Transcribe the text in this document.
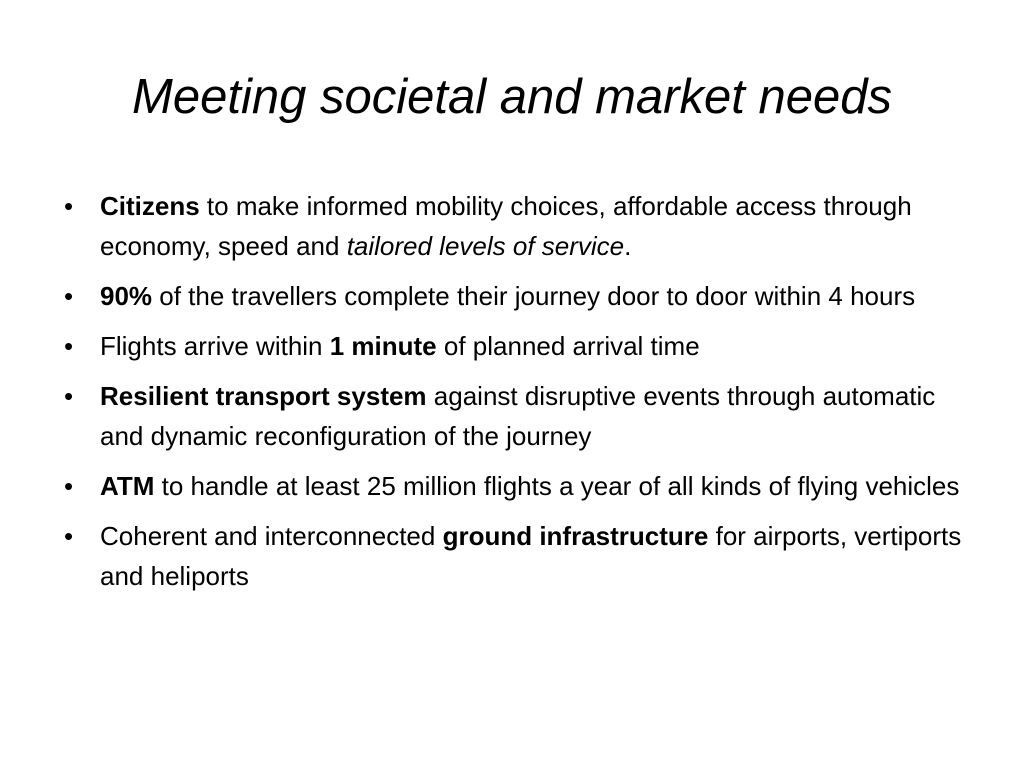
Meeting societal and market needs
•	Citizens to make informed mobility choices, affordable access through economy, speed and tailored levels of service.
•	90% of the travellers complete their journey door to door within 4 hours
•	Flights arrive within 1 minute of planned arrival time
•	Resilient transport system against disruptive events through automatic and dynamic reconfiguration of the journey
•	ATM to handle at least 25 million flights a year of all kinds of flying vehicles
•	Coherent and interconnected ground infrastructure for airports, vertiports and heliports
